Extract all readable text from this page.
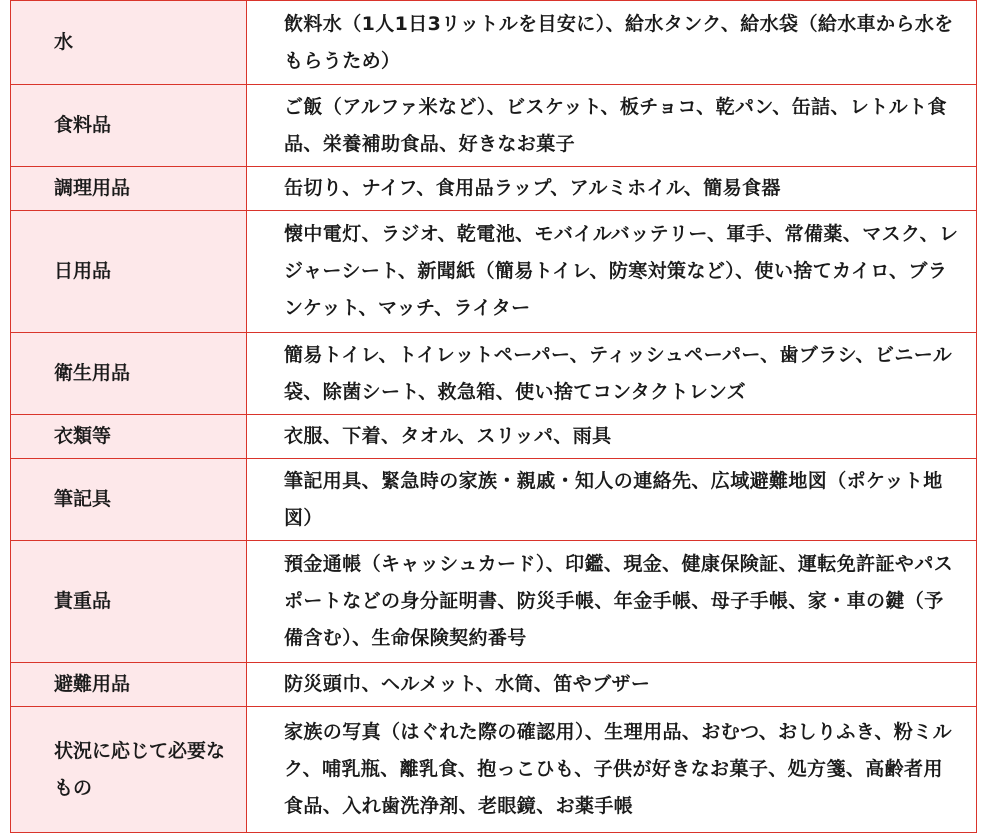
水	飲料水（1人1日3リットルを目安に）、給水タンク、給水袋（給水車から水をもらうため）
食料品	ご飯（アルファ米など）、ビスケット、板チョコ、乾パン、缶詰、レトルト食品、栄養補助食品、好きなお菓子
調理用品	缶切り、ナイフ、食用品ラップ、アルミホイル、簡易食器
日用品	懐中電灯、ラジオ、乾電池、モバイルバッテリー、軍手、常備薬、マスク、レジャーシート、新聞紙（簡易トイレ、防寒対策など）、使い捨てカイロ、ブランケット、マッチ、ライター
衛生用品	簡易トイレ、トイレットペーパー、ティッシュペーパー、歯ブラシ、ビニール袋、除菌シート、救急箱、使い捨てコンタクトレンズ
衣類等	衣服、下着、タオル、スリッパ、雨具
筆記具	筆記用具、緊急時の家族・親戚・知人の連絡先、広域避難地図（ポケット地図）
貴重品	預金通帳（キャッシュカード）、印鑑、現金、健康保険証、運転免許証やパスポートなどの身分証明書、防災手帳、年金手帳、母子手帳、家・車の鍵（予備含む）、生命保険契約番号
避難用品	防災頭巾、ヘルメット、水筒、笛やブザー
状況に応じて必要なもの	家族の写真（はぐれた際の確認用）、生理用品、おむつ、おしりふき、粉ミルク、哺乳瓶、離乳食、抱っこひも、子供が好きなお菓子、処方箋、高齢者用食品、入れ歯洗浄剤、老眼鏡、お薬手帳
